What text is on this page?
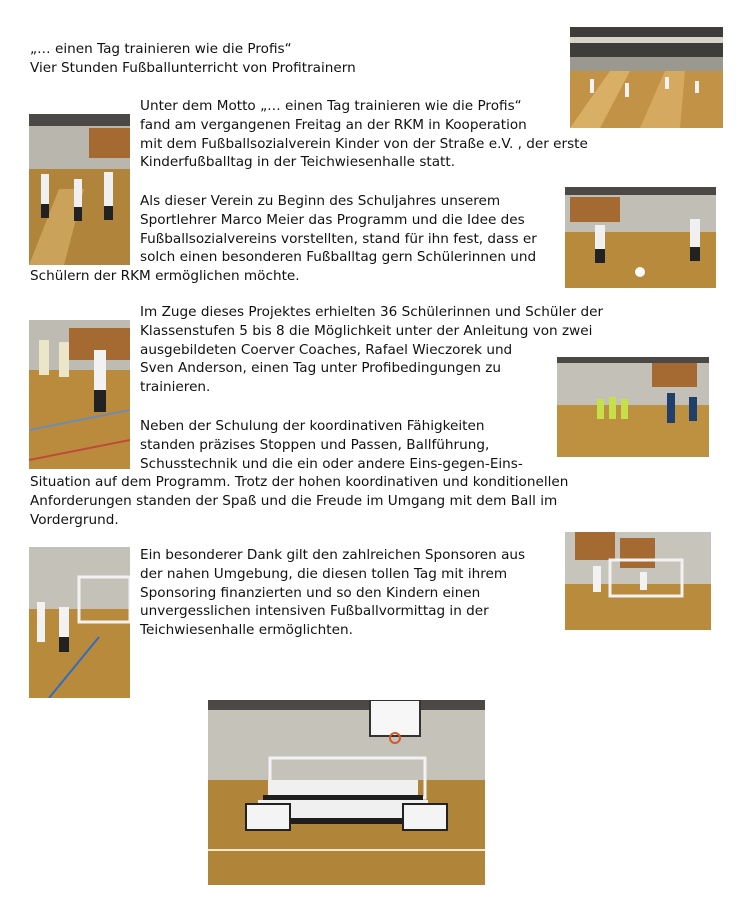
„… einen Tag trainieren wie die Profis“
Vier Stunden Fußballunterricht von Profitrainern
Unter dem Motto „… einen Tag trainieren wie die Profis“
fand am vergangenen Freitag an der RKM in Kooperation
mit dem Fußballsozialverein Kinder von der Straße e.V. , der erste
Kinderfußballtag in der Teichwiesenhalle statt.
Als dieser Verein zu Beginn des Schuljahres unserem
Sportlehrer Marco Meier das Programm und die Idee des
Fußballsozialvereins vorstellten, stand für ihn fest, dass er
solch einen besonderen Fußballtag gern Schülerinnen und
Schülern der RKM ermöglichen möchte.
Im Zuge dieses Projektes erhielten 36 Schülerinnen und Schüler der
Klassenstufen 5 bis 8 die Möglichkeit unter der Anleitung von zwei
ausgebildeten Coerver Coaches, Rafael Wieczorek und
Sven Anderson, einen Tag unter Profibedingungen zu
trainieren.
Neben der Schulung der koordinativen Fähigkeiten
standen präzises Stoppen und Passen, Ballführung,
Schusstechnik und die ein oder andere Eins-gegen-Eins-
Situation auf dem Programm. Trotz der hohen koordinativen und konditionellen
Anforderungen standen der Spaß und die Freude im Umgang mit dem Ball im
Vordergrund.
Ein besonderer Dank gilt den zahlreichen Sponsoren aus
der nahen Umgebung, die diesen tollen Tag mit ihrem
Sponsoring finanzierten und so den Kindern einen
unvergesslichen intensiven Fußballvormittag in der
Teichwiesenhalle ermöglichten.
